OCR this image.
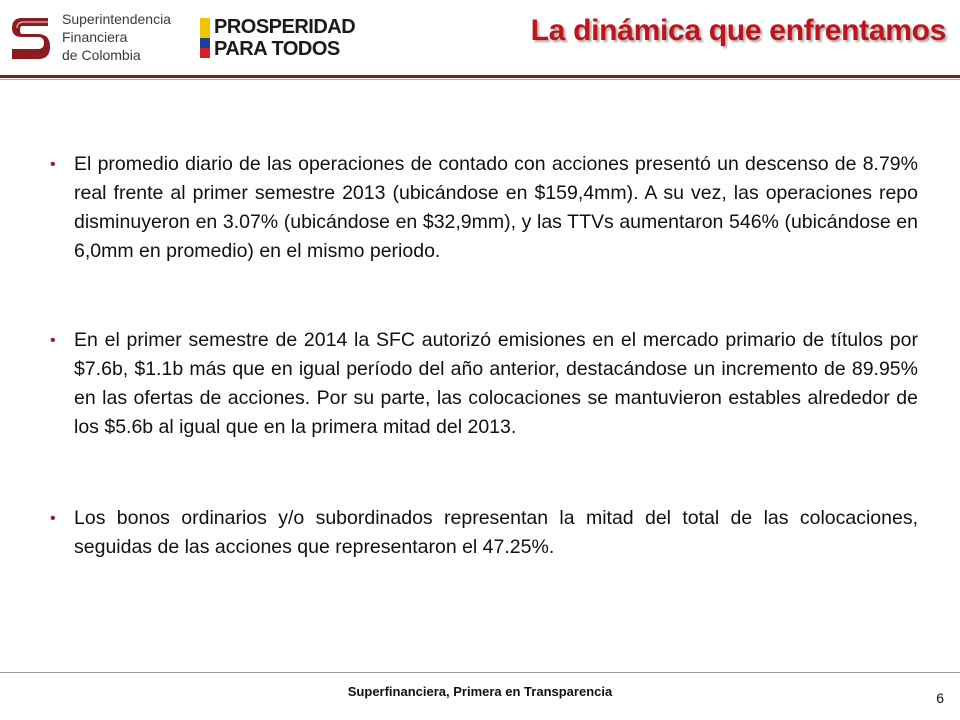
Superintendencia
Financiera
de Colombia
PROSPERIDAD
PARA TODOS
La dinámica que enfrentamos
• El promedio diario de las operaciones de contado con acciones presentó un descenso de 8.79% real frente al primer semestre 2013 (ubicándose en $159,4mm). A su vez, las operaciones repo disminuyeron en 3.07% (ubicándose en $32,9mm), y las TTVs aumentaron 546% (ubicándose en 6,0mm en promedio) en el mismo periodo.
• En el primer semestre de 2014 la SFC autorizó emisiones en el mercado primario de títulos por $7.6b, $1.1b más que en igual período del año anterior, destacándose un incremento de 89.95% en las ofertas de acciones. Por su parte, las colocaciones se mantuvieron estables alrededor de los $5.6b al igual que en la primera mitad del 2013.
• Los bonos ordinarios y/o subordinados representan la mitad del total de las colocaciones, seguidas de las acciones que representaron el 47.25%.
Superfinanciera, Primera en Transparencia	6
